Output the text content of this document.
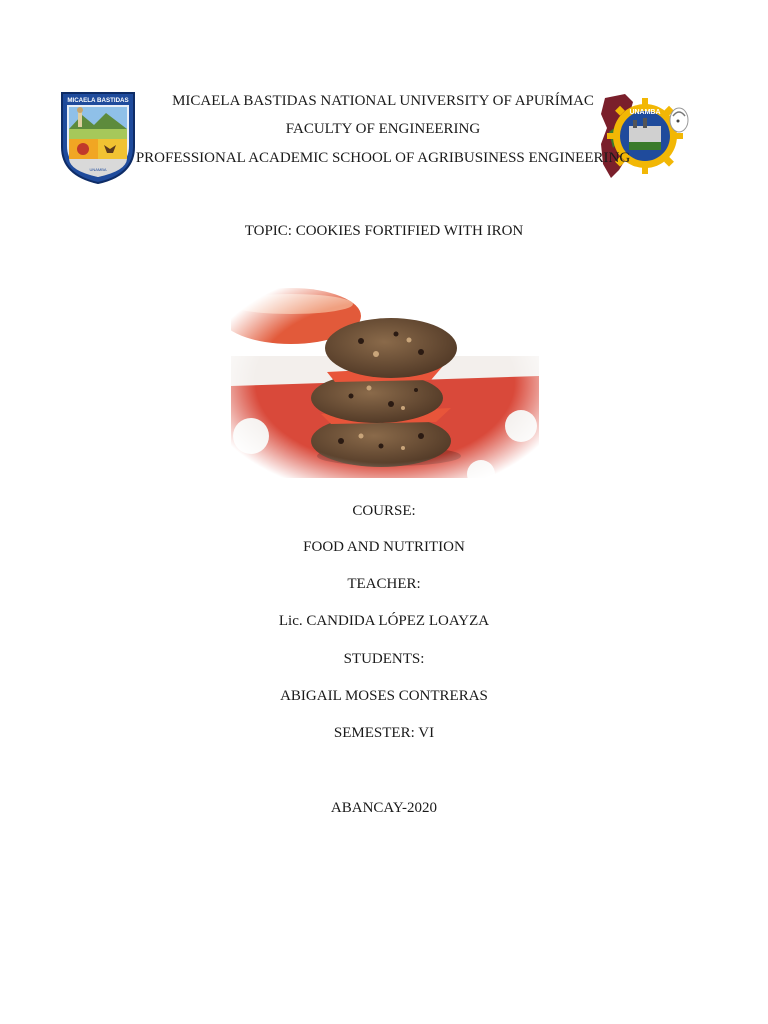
MICAELA BASTIDAS
UNAMBA
UNAMBA
MICAELA BASTIDAS NATIONAL UNIVERSITY OF APURÍMAC
FACULTY OF ENGINEERING
PROFESSIONAL ACADEMIC SCHOOL OF AGRIBUSINESS ENGINEERING
TOPIC: COOKIES FORTIFIED WITH IRON
COURSE:
FOOD AND NUTRITION
TEACHER:
Lic. CANDIDA LÓPEZ LOAYZA
STUDENTS:
ABIGAIL MOSES CONTRERAS
SEMESTER: VI
ABANCAY-2020
